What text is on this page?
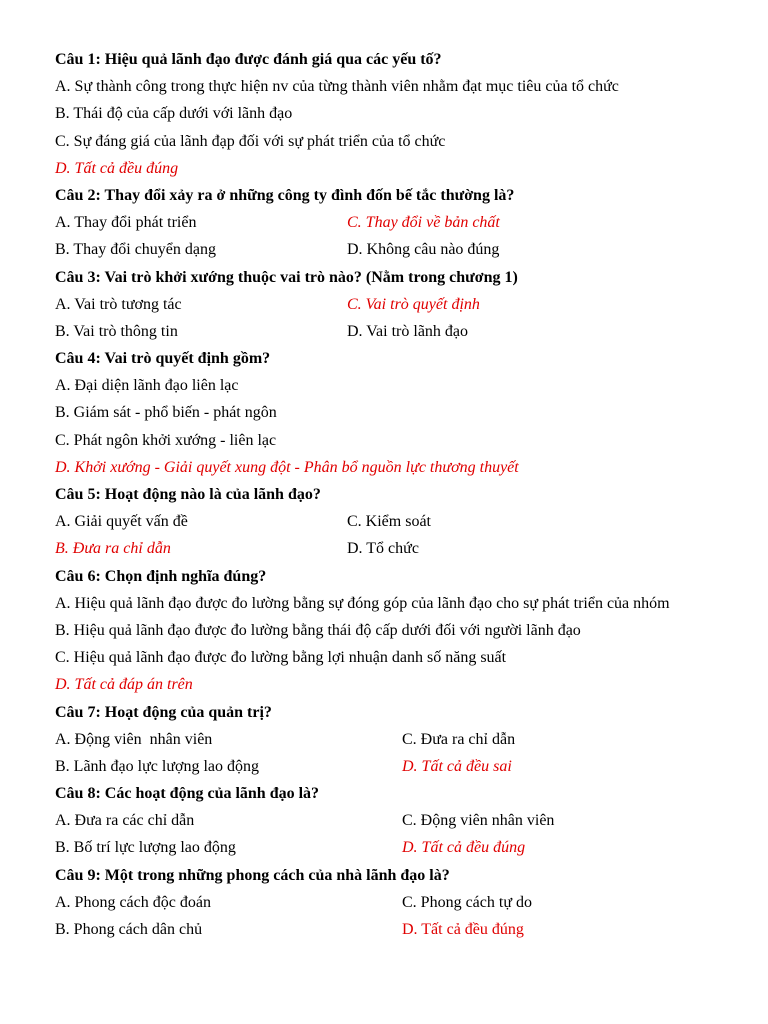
Câu 1: Hiệu quả lãnh đạo được đánh giá qua các yếu tố?
A. Sự thành công trong thực hiện nv của từng thành viên nhằm đạt mục tiêu của tổ chức
B. Thái độ của cấp dưới với lãnh đạo
C. Sự đáng giá của lãnh đạp đối với sự phát triển của tổ chức
D. Tất cả đều đúng
Câu 2: Thay đổi xảy ra ở những công ty đình đốn bế tắc thường là?
A. Thay đổi phát triển	C. Thay đổi về bản chất
B. Thay đổi chuyển dạng	D. Không câu nào đúng
Câu 3: Vai trò khởi xướng thuộc vai trò nào? (Nằm trong chương 1)
A. Vai trò tương tác	C. Vai trò quyết định
B. Vai trò thông tin	D. Vai trò lãnh đạo
Câu 4: Vai trò quyết định gồm?
A. Đại diện lãnh đạo liên lạc
B. Giám sát - phổ biến - phát ngôn
C. Phát ngôn khởi xướng - liên lạc
D. Khởi xướng - Giải quyết xung đột - Phân bổ nguồn lực thương thuyết
Câu 5: Hoạt động nào là của lãnh đạo?
A. Giải quyết vấn đề	C. Kiểm soát
B. Đưa ra chỉ dẫn	D. Tổ chức
Câu 6: Chọn định nghĩa đúng?
A. Hiệu quả lãnh đạo được đo lường bằng sự đóng góp của lãnh đạo cho sự phát triển của nhóm
B. Hiệu quả lãnh đạo được đo lường bằng thái độ cấp dưới đối với người lãnh đạo
C. Hiệu quả lãnh đạo được đo lường bằng lợi nhuận danh số năng suất
D. Tất cả đáp án trên
Câu 7: Hoạt động của quản trị?
A. Động viên  nhân viên	C. Đưa ra chỉ dẫn
B. Lãnh đạo lực lượng lao động	D. Tất cả đều sai
Câu 8: Các hoạt động của lãnh đạo là?
A. Đưa ra các chỉ dẫn	C. Động viên nhân viên
B. Bố trí lực lượng lao động	D. Tất cả đều đúng
Câu 9: Một trong những phong cách của nhà lãnh đạo là?
A. Phong cách độc đoán	C. Phong cách tự do
B. Phong cách dân chủ	D. Tất cả đều đúng
